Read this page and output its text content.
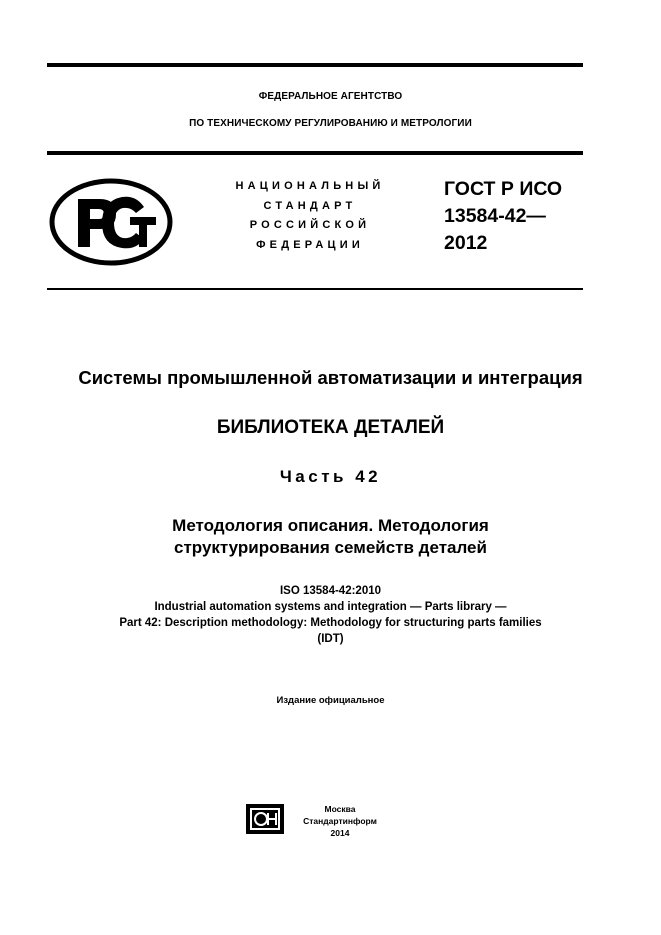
ФЕДЕРАЛЬНОЕ АГЕНТСТВО
ПО ТЕХНИЧЕСКОМУ РЕГУЛИРОВАНИЮ И МЕТРОЛОГИИ
НАЦИОНАЛЬНЫЙ
СТАНДАРТ
РОССИЙСКОЙ
ФЕДЕРАЦИИ
ГОСТ Р ИСО
13584-42—
2012
Системы промышленной автоматизации и интеграция
БИБЛИОТЕКА ДЕТАЛЕЙ
Часть 42
Методология описания. Методология
структурирования семейств деталей
ISO 13584-42:2010
Industrial automation systems and integration — Parts library —
Part 42: Description methodology: Methodology for structuring parts families
(IDT)
Издание официальное
Москва
Стандартинформ
2014
